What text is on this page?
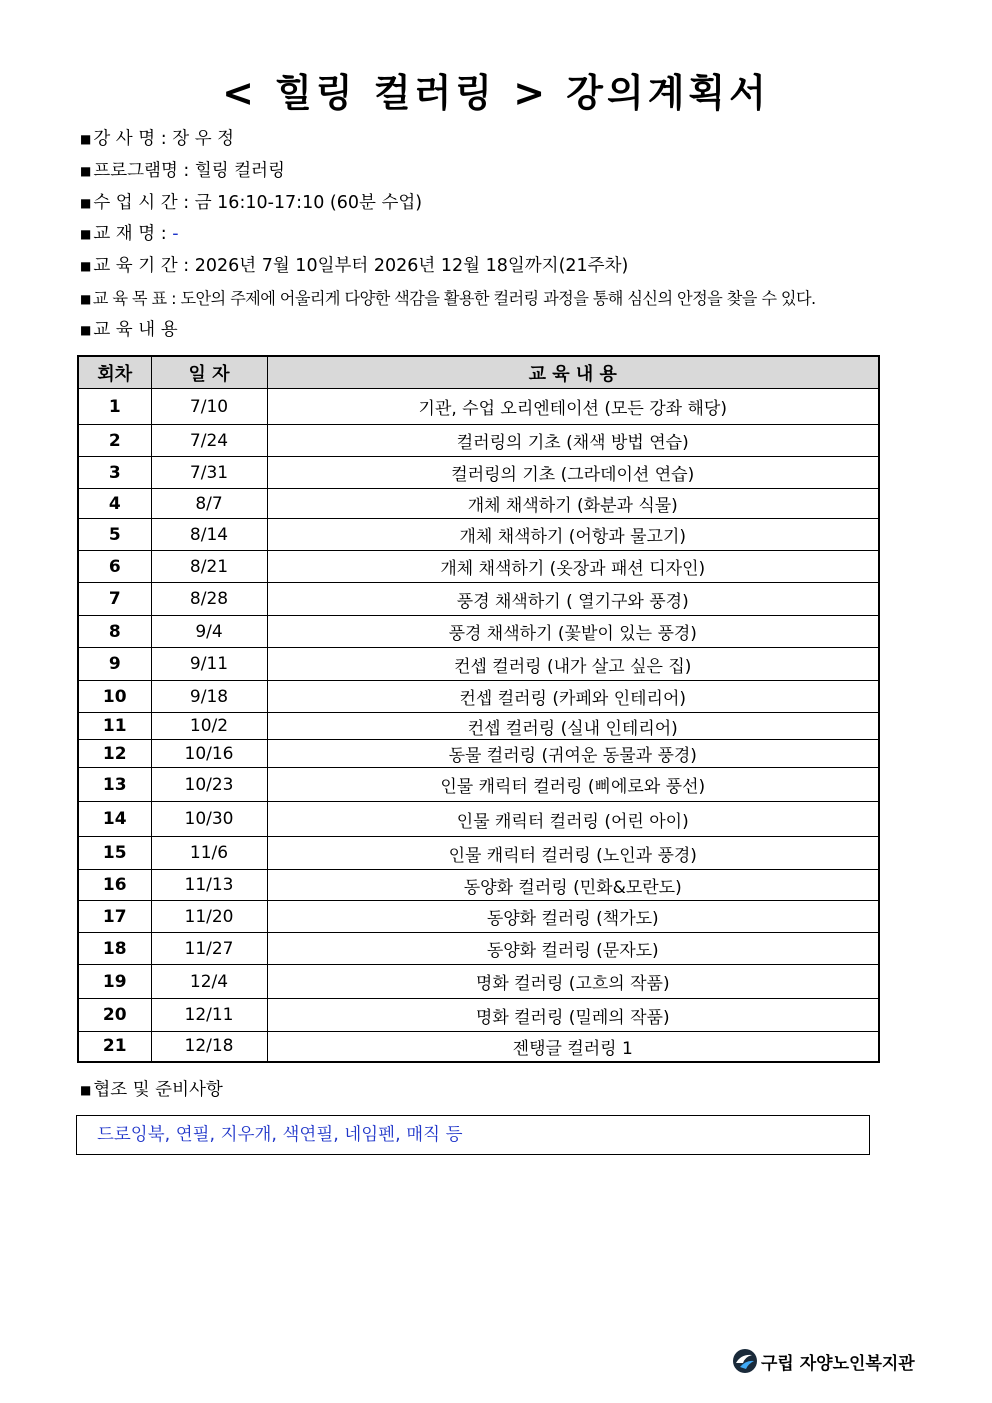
< 힐링 컬러링 > 강의계획서
■ 강 사 명 : 장 우 정
■ 프로그램명 : 힐링 컬러링
■ 수 업 시 간 : 금 16:10-17:10 (60분 수업)
■ 교 재 명 : -
■ 교 육 기 간 : 2026년 7월 10일부터 2026년 12월 18일까지(21주차)
■ 교 육 목 표 : 도안의 주제에 어울리게 다양한 색감을 활용한 컬러링 과정을 통해 심신의 안정을 찾을 수 있다.
■ 교 육 내 용
회차	일 자	교 육 내 용
1	7/10	기관, 수업 오리엔테이션 (모든 강좌 해당)
2	7/24	컬러링의 기초 (채색 방법 연습)
3	7/31	컬러링의 기초 (그라데이션 연습)
4	8/7	개체 채색하기 (화분과 식물)
5	8/14	개체 채색하기 (어항과 물고기)
6	8/21	개체 채색하기 (옷장과 패션 디자인)
7	8/28	풍경 채색하기 ( 열기구와 풍경)
8	9/4	풍경 채색하기 (꽃밭이 있는 풍경)
9	9/11	컨셉 컬러링 (내가 살고 싶은 집)
10	9/18	컨셉 컬러링 (카페와 인테리어)
11	10/2	컨셉 컬러링 (실내 인테리어)
12	10/16	동물 컬러링 (귀여운 동물과 풍경)
13	10/23	인물 캐릭터 컬러링 (삐에로와 풍선)
14	10/30	인물 캐릭터 컬러링 (어린 아이)
15	11/6	인물 캐릭터 컬러링 (노인과 풍경)
16	11/13	동양화 컬러링 (민화&모란도)
17	11/20	동양화 컬러링 (책가도)
18	11/27	동양화 컬러링 (문자도)
19	12/4	명화 컬러링 (고흐의 작품)
20	12/11	명화 컬러링 (밀레의 작품)
21	12/18	젠탱글 컬러링 1
■ 협조 및 준비사항
드로잉북, 연필, 지우개, 색연필, 네임펜, 매직 등
구립 자양노인복지관
